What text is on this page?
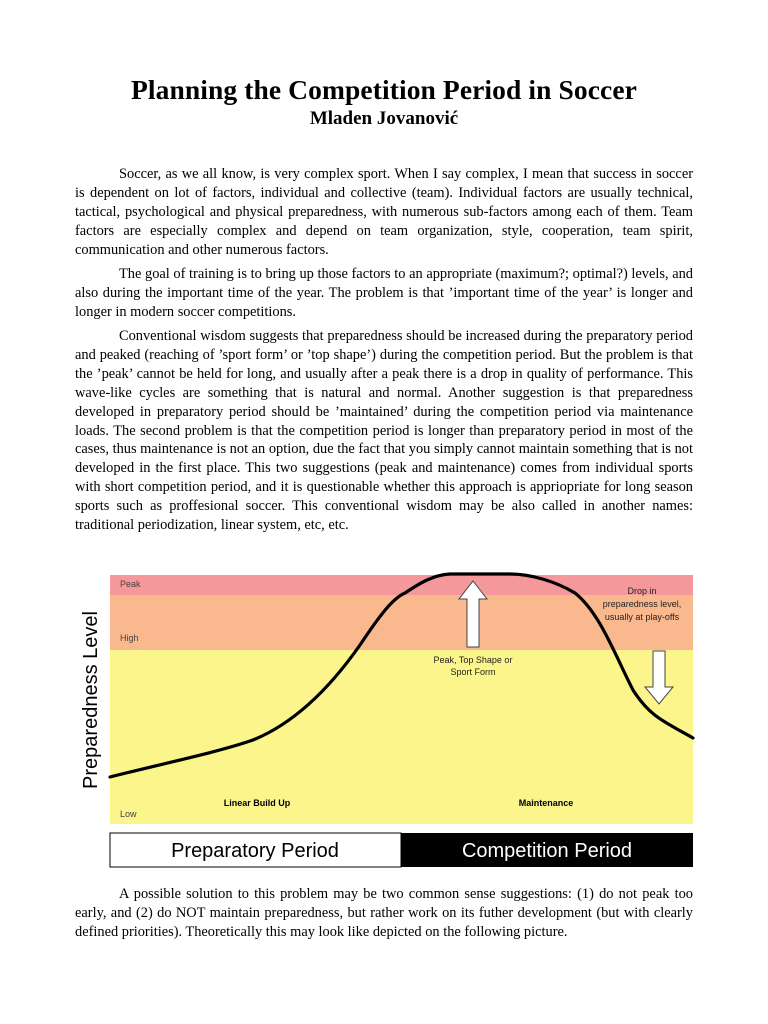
Planning the Competition Period in Soccer
Mladen Jovanović

Soccer, as we all know, is very complex sport. When I say complex, I mean that success in soccer is dependent on lot of factors, individual and collective (team). Individual factors are usually technical, tactical, psychological and physical preparedness, with numerous sub-factors among each of them. Team factors are especially complex and depend on team organization, style, cooperation, team spirit, communication and other numerous factors.

The goal of training is to bring up those factors to an appropriate (maximum?; optimal?) levels, and also during the important time of the year. The problem is that ’important time of the year’ is longer and longer in modern soccer competitions.

Conventional wisdom suggests that preparedness should be increased during the preparatory period and peaked (reaching of ’sport form’ or ’top shape’) during the competition period. But the problem is that the ’peak’ cannot be held for long, and usually after a peak there is a drop in quality of performance. This wave-like cycles are something that is natural and normal. Another suggestion is that preparedness developed in preparatory period should be ’maintained’ during the competition period via maintenance loads. The second problem is that the competition period is longer than preparatory period in most of the cases, thus maintenance is not an option, due the fact that you simply cannot maintain something that is not developed in the first place. This two suggestions (peak and maintenance) comes from individual sports with short competition period, and it is questionable whether this approach is appriopriate for long season sports such as proffesional soccer. This conventional wisdom may be also called in another names: traditional periodization, linear system, etc, etc.

Peak
High
Low
Preparedness Level	Peak, Top Shape or
Sport Form
Drop in
preparedness level,
usually at play-offs
Linear Build Up	Maintenance
Preparatory Period	Competition Period

A possible solution to this problem may be two common sense suggestions: (1) do not peak too early, and (2) do NOT maintain preparedness, but rather work on its futher development (but with clearly defined priorities). Theoretically this may look like depicted on the following picture.
